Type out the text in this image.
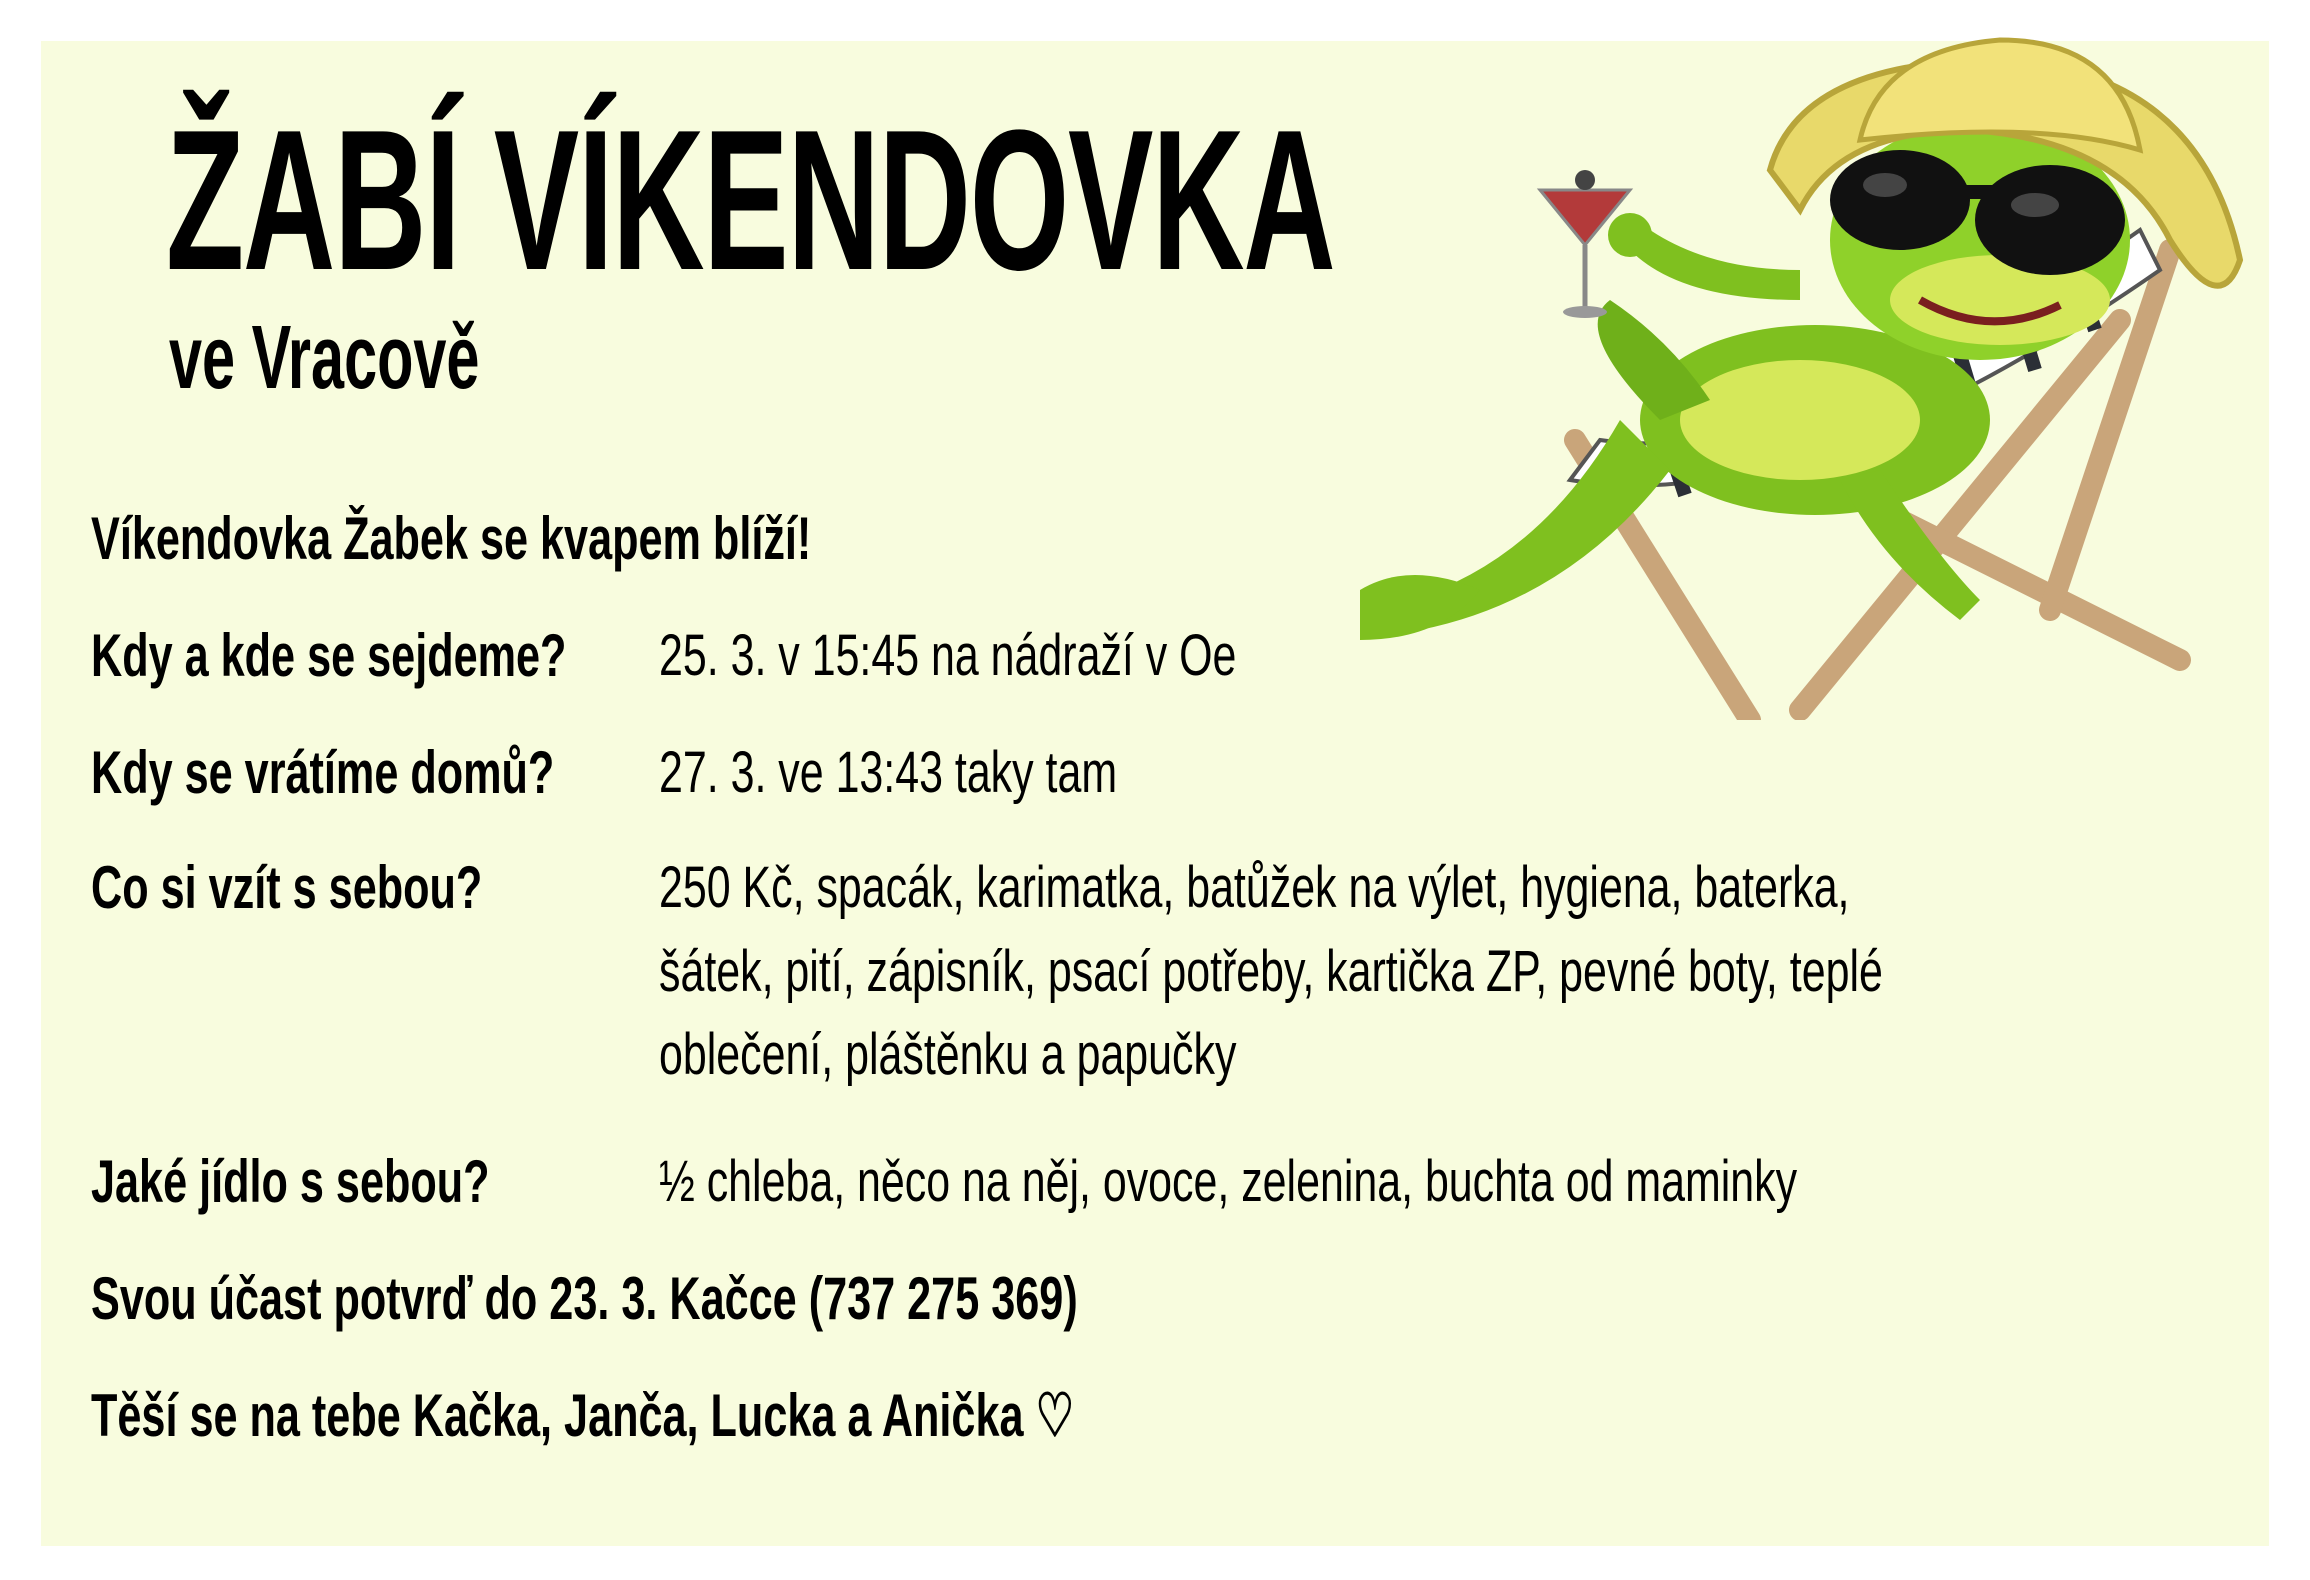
ŽABÍ VÍKENDOVKA
ve Vracově
Víkendovka Žabek se kvapem blíží!
Kdy a kde se sejdeme? 25. 3. v 15:45 na nádraží v Oe
Kdy se vrátíme domů? 27. 3. ve 13:43 taky tam
Co si vzít s sebou?	250 Kč, spacák, karimatka, batůžek na výlet, hygiena, baterka,
šátek, pití, zápisník, psací potřeby, kartička ZP, pevné boty, teplé
oblečení, pláštěnku a papučky
Jaké jídlo s sebou?	½ chleba, něco na něj, ovoce, zelenina, buchta od maminky
Svou účast potvrď do 23. 3. Kačce (737 275 369)
Těší se na tebe Kačka, Janča, Lucka a Anička ♡
